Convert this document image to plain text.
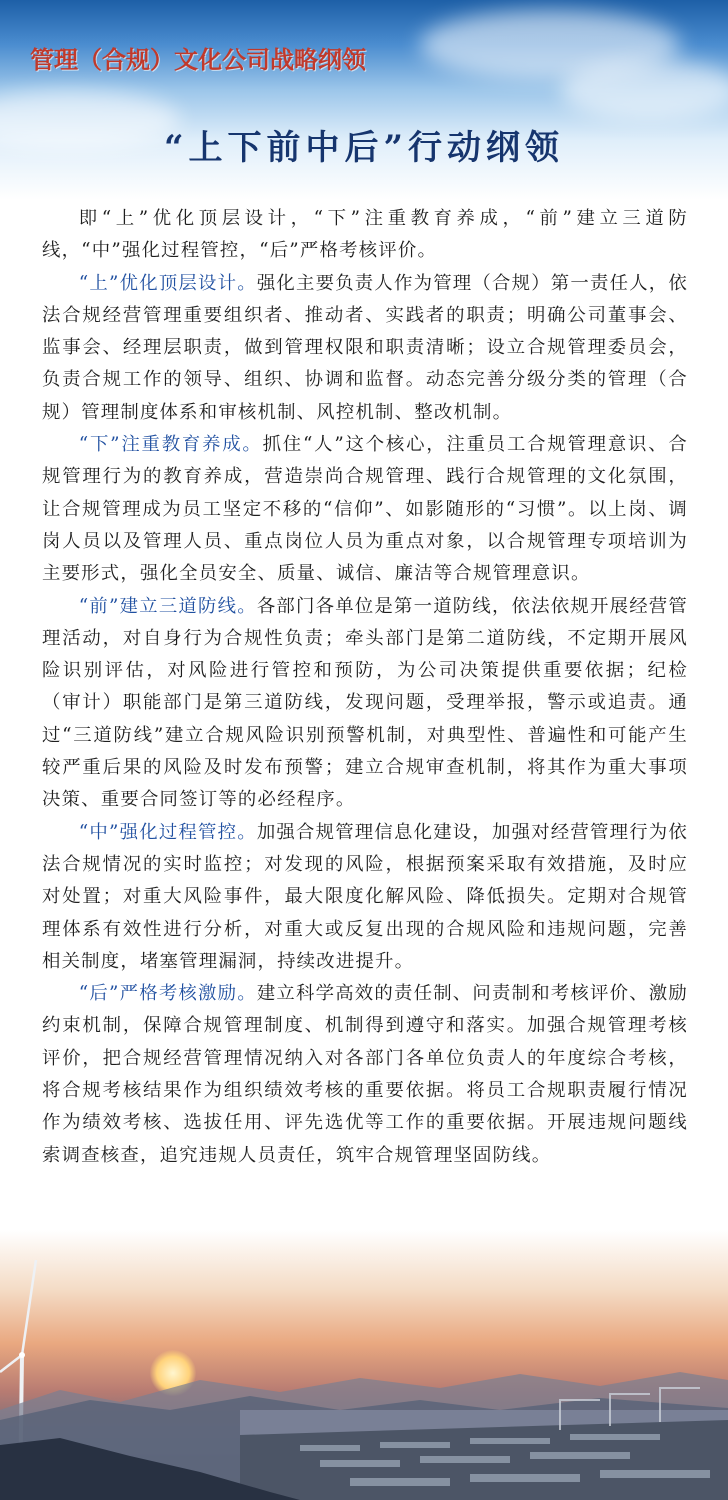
管理（合规）文化公司战略纲领
“上下前中后”行动纲领

即“上”优化顶层设计，“下”注重教育养成，“前”建立三道防线，“中”强化过程管控，“后”严格考核评价。

“上”优化顶层设计。强化主要负责人作为管理（合规）第一责任人，依法合规经营管理重要组织者、推动者、实践者的职责；明确公司董事会、监事会、经理层职责，做到管理权限和职责清晰；设立合规管理委员会，负责合规工作的领导、组织、协调和监督。动态完善分级分类的管理（合规）管理制度体系和审核机制、风控机制、整改机制。

“下”注重教育养成。抓住“人”这个核心，注重员工合规管理意识、合规管理行为的教育养成，营造崇尚合规管理、践行合规管理的文化氛围，让合规管理成为员工坚定不移的“信仰”、如影随形的“习惯”。以上岗、调岗人员以及管理人员、重点岗位人员为重点对象，以合规管理专项培训为主要形式，强化全员安全、质量、诚信、廉洁等合规管理意识。

“前”建立三道防线。各部门各单位是第一道防线，依法依规开展经营管理活动，对自身行为合规性负责；牵头部门是第二道防线，不定期开展风险识别评估，对风险进行管控和预防，为公司决策提供重要依据；纪检（审计）职能部门是第三道防线，发现问题，受理举报，警示或追责。通过“三道防线”建立合规风险识别预警机制，对典型性、普遍性和可能产生较严重后果的风险及时发布预警；建立合规审查机制，将其作为重大事项决策、重要合同签订等的必经程序。

“中”强化过程管控。加强合规管理信息化建设，加强对经营管理行为依法合规情况的实时监控；对发现的风险，根据预案采取有效措施，及时应对处置；对重大风险事件，最大限度化解风险、降低损失。定期对合规管理体系有效性进行分析，对重大或反复出现的合规风险和违规问题，完善相关制度，堵塞管理漏洞，持续改进提升。

“后”严格考核激励。建立科学高效的责任制、问责制和考核评价、激励约束机制，保障合规管理制度、机制得到遵守和落实。加强合规管理考核评价，把合规经营管理情况纳入对各部门各单位负责人的年度综合考核，将合规考核结果作为组织绩效考核的重要依据。将员工合规职责履行情况作为绩效考核、选拔任用、评先选优等工作的重要依据。开展违规问题线索调查核查，追究违规人员责任，筑牢合规管理坚固防线。
